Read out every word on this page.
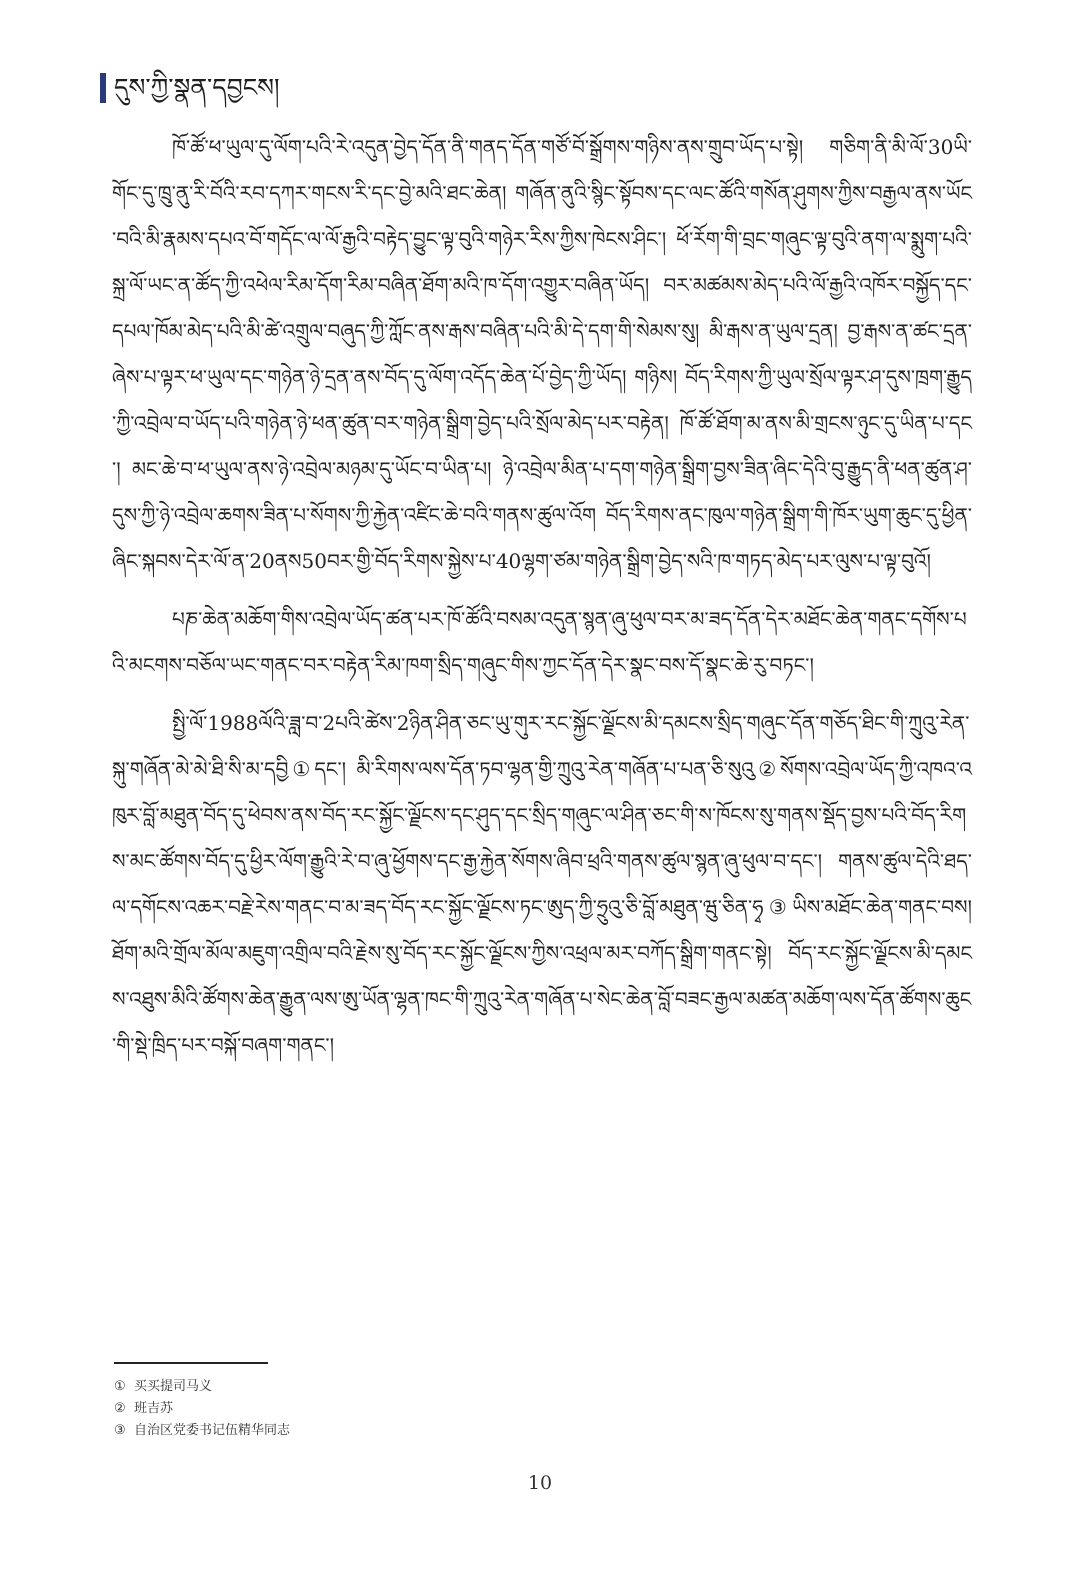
དུས་ཀྱི་སྣན་དབྱངས།

ཁོ་ཚོ་ཕ་ཡུལ་དུ་ལོག་པའི་རེ་འདུན་བྱེད་དོན་ནི་གནད་དོན་གཙོ་བོ་སྒྲོགས་གཉིས་ནས་གྲུབ་ཡོད་པ་སྟེ། གཅིག་ནི་མི་ལོ་30ཡི་གོང་དུ་ཁྲུ་ནུ་རི་བོའི་རབ་དཀར་གངས་རི་དང་བྱེ་མའི་ཐང་ཆེན། གཞོན་ནུའི་སྙིང་སྟོབས་དང་ལང་ཚོའི་གསོན་ཤུགས་ཀྱིས་བརྒྱལ་ནས་ཡོང་བའི་མི་རྣམས་དཔའ་བོ་གདོང་ལ་ལོ་རྒྱའི་བརྟེད་བྱུང་ལྟ་བུའི་གཉེར་རིས་ཀྱིས་ཁེངས་ཤིང་། ཕོ་རོག་གི་བྲང་གཞུང་ལྟ་བུའི་ནག་ལ་སྨུག་པའི་སྐྲ་ལོ་ཡང་ན་ཚོད་ཀྱི་འཕེལ་རིམ་དོག་རིམ་བཞིན་ཐོག་མའི་ཁ་དོག་འགྱུར་བཞིན་ཡོད། བར་མཚམས་མེད་པའི་ལོ་རྒྱའི་འཁོར་བསྐྱོད་དང་དཔལ་ཁོམ་མེད་པའི་མི་ཚེ་འགྲུལ་བཞུད་ཀྱི་ཀློང་ནས་རྒས་བཞིན་པའི་མི་དེ་དག་གི་སེམས་སུ། མི་རྒས་ན་ཡུལ་དྲན། བྱ་རྒས་ན་ཚང་དྲན་ཞེས་པ་ལྟར་ཕ་ཡུལ་དང་གཉེན་ཉེ་དྲན་ནས་བོད་དུ་ལོག་འདོད་ཆེན་པོ་བྱེད་ཀྱི་ཡོད། གཉིས། བོད་རིགས་ཀྱི་ཡུལ་སྲོལ་ལྟར་ཤ་དུས་ཁྲག་རྒྱུད་ཀྱི་འབྲེལ་བ་ཡོད་པའི་གཉེན་ཉེ་ཕན་ཚུན་བར་གཉེན་སྒྲིག་བྱེད་པའི་སྲོལ་མེད་པར་བརྟེན། ཁོ་ཚོ་ཐོག་མ་ནས་མི་གྲངས་ཉུང་དུ་ཡིན་པ་དང་། མང་ཆེ་བ་ཕ་ཡུལ་ནས་ཉེ་འབྲེལ་མཉམ་དུ་ཡོང་བ་ཡིན་པ། ཉེ་འབྲེལ་མིན་པ་དག་གཉེན་སྒྲིག་བྱས་ཟིན་ཞིང་དེའི་བུ་རྒྱུད་ནི་ཕན་ཚུན་ཤ་དུས་ཀྱི་ཉེ་འབྲེལ་ཆགས་ཟིན་པ་སོགས་ཀྱི་རྐྱེན་འཛིང་ཆེ་བའི་གནས་ཚུལ་འོག བོད་རིགས་ནང་ཁུལ་གཉེན་སྒྲིག་གི་ཁོར་ཡུག་ཆུང་དུ་ཕྱིན་ཞིང་སྐབས་དེར་ལོ་ན་20ནས50བར་གྱི་བོད་རིགས་སྐྱེས་པ་40ལྷག་ཙམ་གཉེན་སྒྲིག་བྱེད་སའི་ཁ་གཏད་མེད་པར་ལུས་པ་ལྟ་བུའོ།

པཎ་ཆེན་མཆོག་གིས་འབྲེལ་ཡོད་ཚན་པར་ཁོ་ཚོའི་བསམ་འདུན་སྙན་ཞུ་ཕུལ་བར་མ་ཟད་དོན་དེར་མཐོང་ཆེན་གནང་དགོས་པའི་མངགས་བཅོལ་ཡང་གནང་བར་བརྟེན་རིམ་ཁག་སྲིད་གཞུང་གིས་ཀྱང་དོན་དེར་སྣང་བས་དོ་སྣང་ཆེ་རུ་བཏང་།

སྤྱི་ལོ་1988ལོའི་ཟླ་བ་2པའི་ཚེས་2ཉིན་ཤིན་ཅང་ཡུ་གུར་རང་སྐྱོང་ལྗོངས་མི་དམངས་སྲིད་གཞུང་དོན་གཅོད་ཐིང་གི་ཀྲུའུ་རེན་སྐུ་གཞོན་མེ་མེ་ཐི་སི་མ་དབྱི①དང་། མི་རིགས་ལས་དོན་ཏབ་ལྷན་གྱི་ཀྲུའུ་རེན་གཞོན་པ་པན་ཅི་སུའུ②སོགས་འབྲེལ་ཡོད་ཀྱི་འཁའ་འཁུར་བློ་མཐུན་བོད་དུ་ཕེབས་ནས་བོད་རང་སྐྱོང་ལྗོངས་དང་ཤུད་དང་སྲིད་གཞུང་ལ་ཤིན་ཅང་གི་ས་ཁོངས་སུ་གནས་སྡོད་བྱས་པའི་བོད་རིགས་མང་ཚོགས་བོད་དུ་ཕྱིར་ལོག་རྒྱུའི་རེ་བ་ཞུ་ཕྱོགས་དང་རྒྱ་རྐྱེན་སོགས་ཞིབ་ཕྲའི་གནས་ཚུལ་སྙན་ཞུ་ཕུལ་བ་དང་། གནས་ཚུལ་དེའི་ཐད་ལ་དགོངས་འཆར་བརྗེ་རེས་གནང་བ་མ་ཟད་བོད་རང་སྐྱོང་ལྗོངས་ཏང་ཨུད་ཀྱི་ཧྲུའུ་ཅི་བློ་མཐུན་ཝུ་ཅིན་ཧྭ③ཡིས་མཐོང་ཆེན་གནང་བས། ཐོག་མའི་གྲོལ་མོལ་མཇུག་འགྲིལ་བའི་རྗེས་སུ་བོད་རང་སྐྱོང་ལྗོངས་ཀྱིས་འཕྲལ་མར་བཀོད་སྒྲིག་གནང་སྟེ། བོད་རང་སྐྱོང་ལྗོངས་མི་དམངས་འཐུས་མིའི་ཚོགས་ཆེན་རྒྱུན་ལས་ཨུ་ཡོན་ལྷན་ཁང་གི་ཀྲུའུ་རེན་གཞོན་པ་སེང་ཆེན་བློ་བཟང་རྒྱལ་མཚན་མཆོག་ལས་དོན་ཚོགས་ཆུང་གི་སྡེ་ཁྲིད་པར་བསྐོ་བཞག་གནང་།

① 买买提司马义
② 班吉苏
③ 自治区党委书记伍精华同志
10
